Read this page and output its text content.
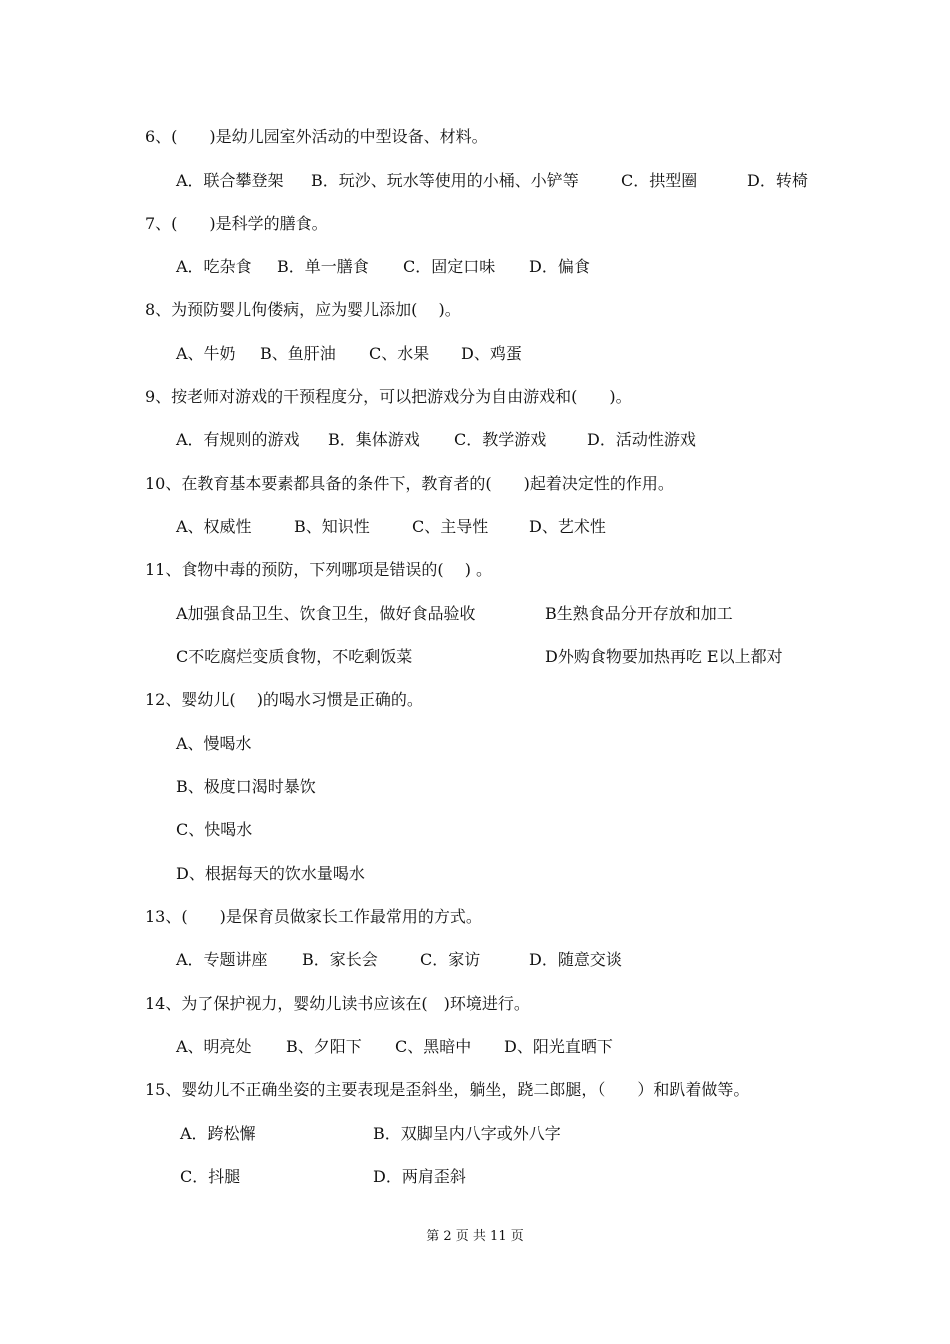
6、(　　)是幼儿园室外活动的中型设备、材料。
A．联合攀登架 B．玩沙、玩水等使用的小桶、小铲等	C．拱型圈	D．转椅
7、(　　)是科学的膳食。
A．吃杂食 B．单一膳食 C．固定口味 D．偏食
8、为预防婴儿佝偻病，应为婴儿添加(　 )。
A、牛奶 B、鱼肝油 C、水果 D、鸡蛋
9、按老师对游戏的干预程度分，可以把游戏分为自由游戏和(　　)。
A．有规则的游戏 B．集体游戏 C．教学游戏	D．活动性游戏
10、在教育基本要素都具备的条件下，教育者的(　　)起着决定性的作用。
A、权威性	B、知识性	C、主导性	D、艺术性
11、食物中毒的预防，下列哪项是错误的(　 ) 。
A加强食品卫生、饮食卫生，做好食品验收	B生熟食品分开存放和加工
C不吃腐烂变质食物，不吃剩饭菜	D外购食物要加热再吃 E以上都对
12、婴幼儿(　 )的喝水习惯是正确的。
A、慢喝水
B、极度口渴时暴饮
C、快喝水
D、根据每天的饮水量喝水
13、(　　)是保育员做家长工作最常用的方式。
A．专题讲座 B．家长会	C．家访	D．随意交谈
14、为了保护视力，婴幼儿读书应该在(　)环境进行。
A、明亮处 B、夕阳下 C、黑暗中 D、阳光直晒下
15、婴幼儿不正确坐姿的主要表现是歪斜坐，躺坐，跷二郎腿，（　　）和趴着做等。
A．跨松懈	B．双脚呈内八字或外八字
C．抖腿	D．两肩歪斜
第 2 页 共 11 页
